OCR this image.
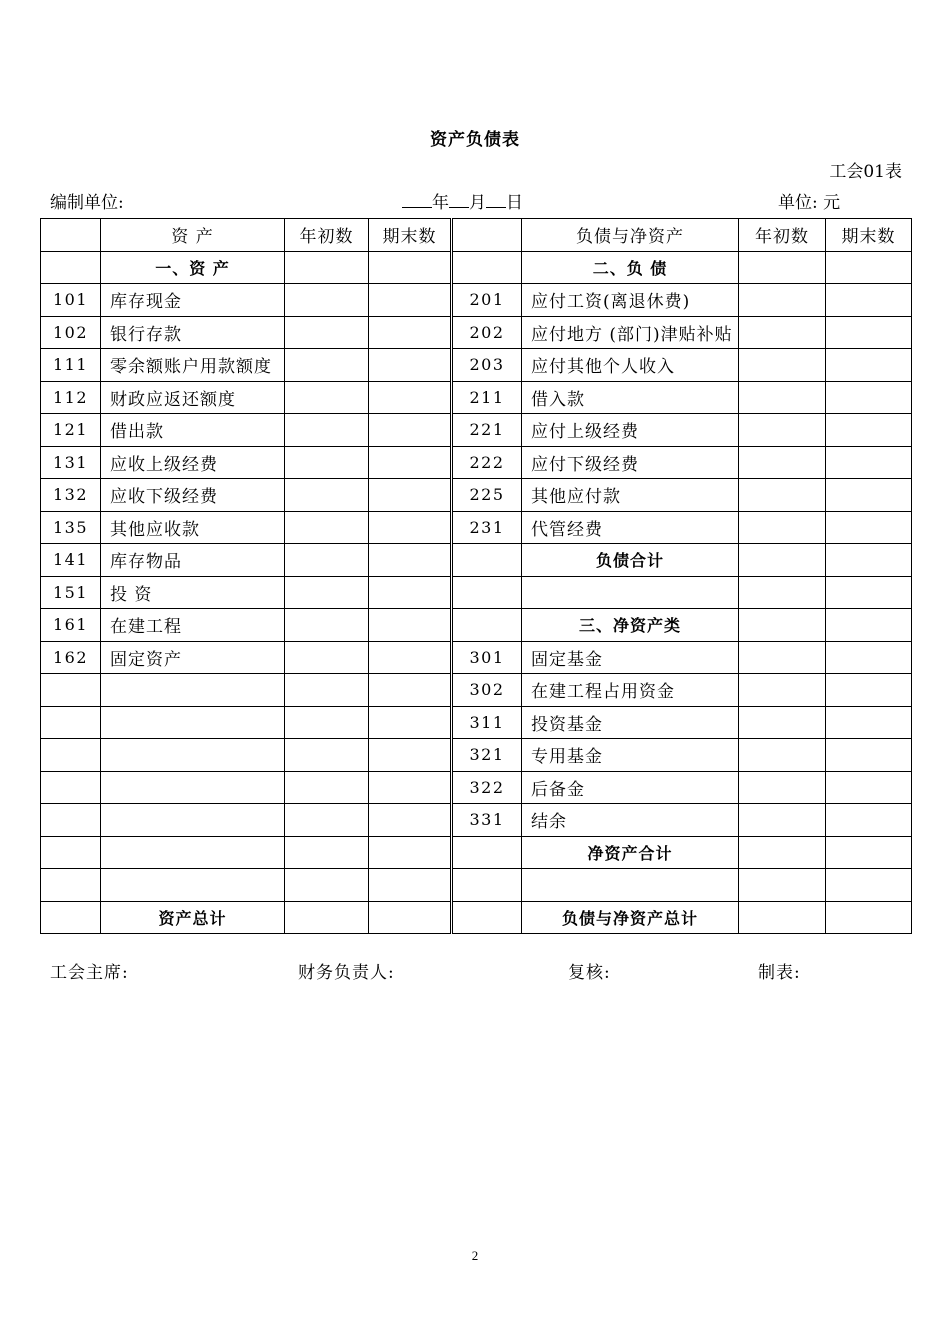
资产负债表
工会01表
编制单位:	年 月 日	单位: 元
	资 产	年初数	期末数		负债与净资产	年初数	期末数
	一、资 产				二、负 债		
101	库存现金			201	应付工资(离退休费)		
102	银行存款			202	应付地方 (部门)津贴补贴		
111	零余额账户用款额度			203	应付其他个人收入		
112	财政应返还额度			211	借入款		
121	借出款			221	应付上级经费		
131	应收上级经费			222	应付下级经费		
132	应收下级经费			225	其他应付款		
135	其他应收款			231	代管经费		
141	库存物品				负债合计		
151	投 资						
161	在建工程				三、净资产类		
162	固定资产			301	固定基金		
				302	在建工程占用资金		
				311	投资基金		
				321	专用基金		
				322	后备金		
				331	结余		
					净资产合计		

	资产总计				负债与净资产总计		
工会主席:	财务负责人:	复核:	制表:
2
